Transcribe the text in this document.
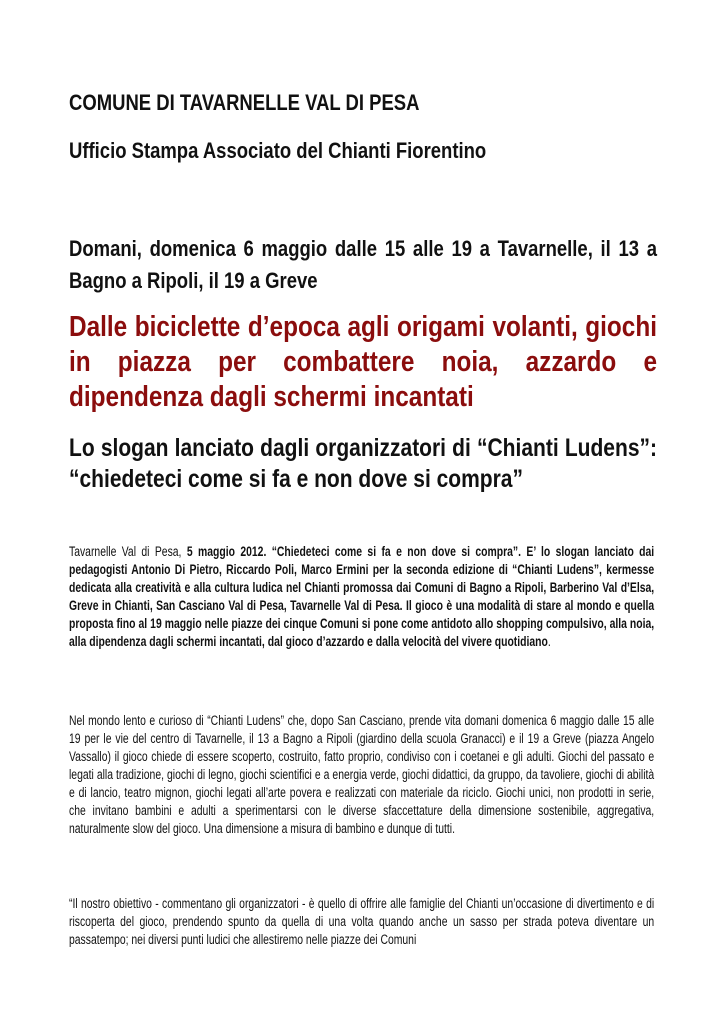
COMUNE DI TAVARNELLE VAL DI PESA
Ufficio Stampa Associato del Chianti Fiorentino
Domani, domenica 6 maggio dalle 15 alle 19 a Tavarnelle, il 13 a Bagno a Ripoli, il 19 a Greve
Dalle biciclette d’epoca agli origami volanti, giochi in piazza per combattere noia, azzardo e dipendenza dagli schermi incantati
Lo slogan lanciato dagli organizzatori di “Chianti Ludens”: “chiedeteci come si fa e non dove si compra”
Tavarnelle Val di Pesa, 5 maggio 2012. “Chiedeteci come si fa e non dove si compra”. E’ lo slogan lanciato dai pedagogisti Antonio Di Pietro, Riccardo Poli, Marco Ermini per la seconda edizione di “Chianti Ludens”, kermesse dedicata alla creatività e alla cultura ludica nel Chianti promossa dai Comuni di Bagno a Ripoli, Barberino Val d’Elsa, Greve in Chianti, San Casciano Val di Pesa, Tavarnelle Val di Pesa. Il gioco è una modalità di stare al mondo e quella proposta fino al 19 maggio nelle piazze dei cinque Comuni si pone come antidoto allo shopping compulsivo, alla noia, alla dipendenza dagli schermi incantati, dal gioco d’azzardo e dalla velocità del vivere quotidiano.
Nel mondo lento e curioso di “Chianti Ludens” che, dopo San Casciano, prende vita domani domenica 6 maggio dalle 15 alle 19 per le vie del centro di Tavarnelle, il 13 a Bagno a Ripoli (giardino della scuola Granacci) e il 19 a Greve (piazza Angelo Vassallo) il gioco chiede di essere scoperto, costruito, fatto proprio, condiviso con i coetanei e gli adulti. Giochi del passato e legati alla tradizione, giochi di legno, giochi scientifici e a energia verde, giochi didattici, da gruppo, da tavoliere, giochi di abilità e di lancio, teatro mignon, giochi legati all’arte povera e realizzati con materiale da riciclo. Giochi unici, non prodotti in serie, che invitano bambini e adulti a sperimentarsi con le diverse sfaccettature della dimensione sostenibile, aggregativa, naturalmente slow del gioco. Una dimensione a misura di bambino e dunque di tutti.
“Il nostro obiettivo - commentano gli organizzatori - è quello di offrire alle famiglie del Chianti un’occasione di divertimento e di riscoperta del gioco, prendendo spunto da quella di una volta quando anche un sasso per strada poteva diventare un passatempo; nei diversi punti ludici che allestiremo nelle piazze dei Comuni
